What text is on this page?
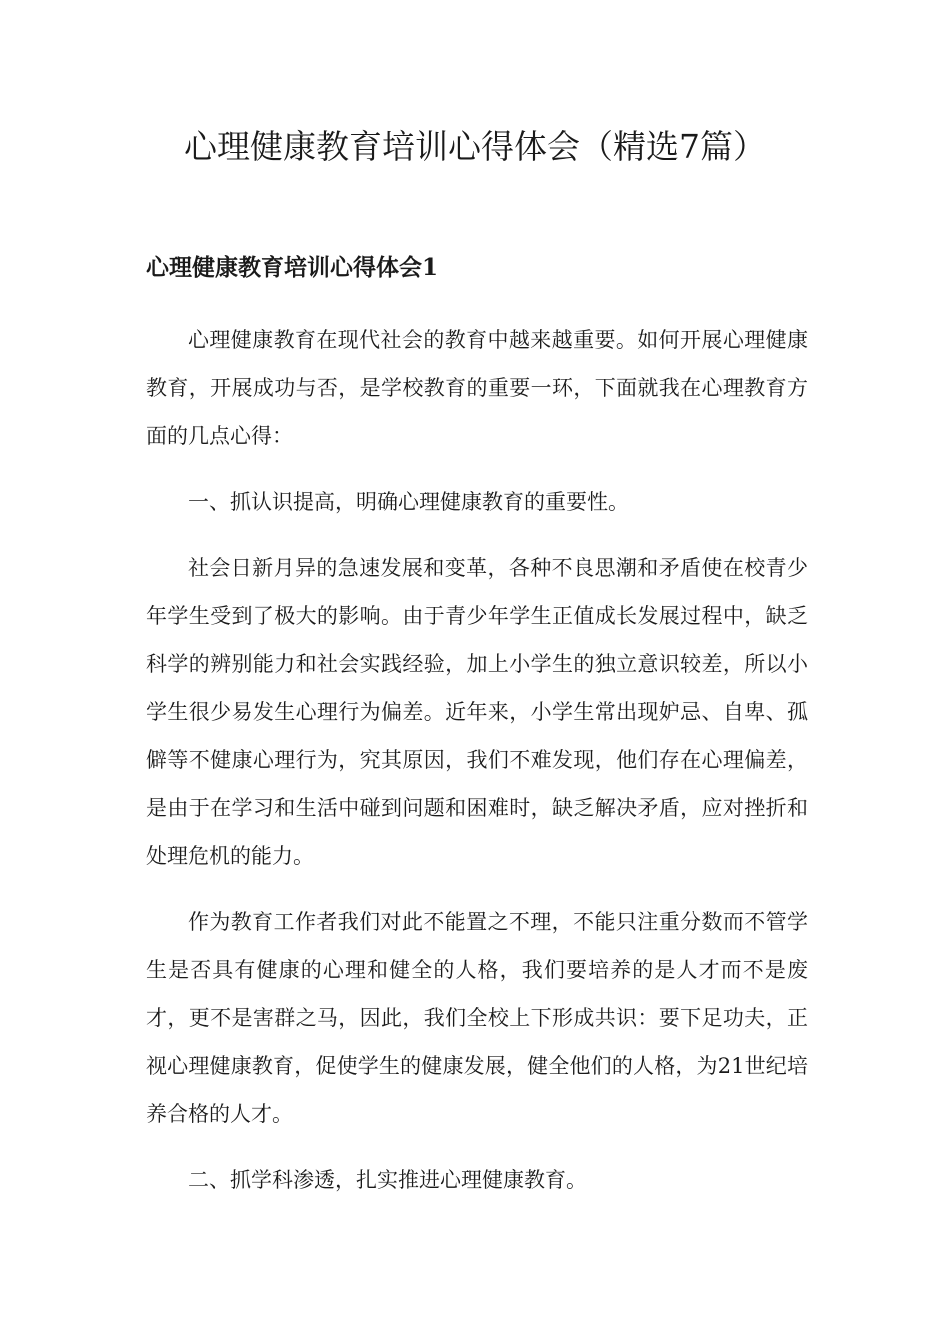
心理健康教育培训心得体会（精选7篇）
心理健康教育培训心得体会1

心理健康教育在现代社会的教育中越来越重要。如何开展心理健康教育，开展成功与否，是学校教育的重要一环，下面就我在心理教育方面的几点心得：

一、抓认识提高，明确心理健康教育的重要性。

社会日新月异的急速发展和变革，各种不良思潮和矛盾使在校青少年学生受到了极大的影响。由于青少年学生正值成长发展过程中，缺乏科学的辨别能力和社会实践经验，加上小学生的独立意识较差，所以小学生很少易发生心理行为偏差。近年来，小学生常出现妒忌、自卑、孤僻等不健康心理行为，究其原因，我们不难发现，他们存在心理偏差，是由于在学习和生活中碰到问题和困难时，缺乏解决矛盾，应对挫折和处理危机的能力。

作为教育工作者我们对此不能置之不理，不能只注重分数而不管学生是否具有健康的心理和健全的人格，我们要培养的是人才而不是废才，更不是害群之马，因此，我们全校上下形成共识：要下足功夫，正视心理健康教育，促使学生的健康发展，健全他们的人格，为21世纪培养合格的人才。

二、抓学科渗透，扎实推进心理健康教育。
